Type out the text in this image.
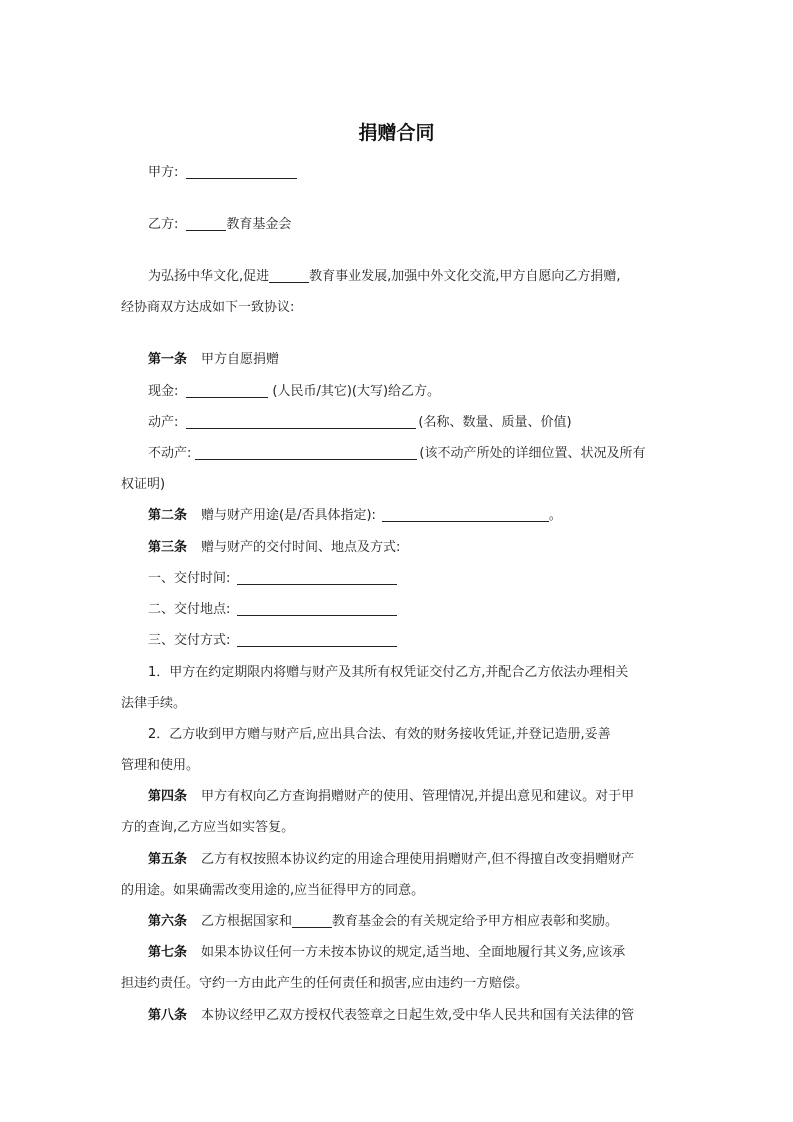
捐赠合同
甲方:
乙方:	教育基金会
为弘扬中华文化,促进	教育事业发展,加强中外文化交流,甲方自愿向乙方捐赠,
经协商双方达成如下一致协议:
第一条 甲方自愿捐赠
现金:	(人民币/其它)(大写)给乙方。
动产:	(名称、数量、质量、价值)
不动产:	(该不动产所处的详细位置、状况及所有
权证明)
第二条 赠与财产用途(是/否具体指定):	。
第三条 赠与财产的交付时间、地点及方式:
一、交付时间:
二、交付地点:
三、交付方式:
1．甲方在约定期限内将赠与财产及其所有权凭证交付乙方,并配合乙方依法办理相关
法律手续。
2．乙方收到甲方赠与财产后,应出具合法、有效的财务接收凭证,并登记造册,妥善
管理和使用。
第四条 甲方有权向乙方查询捐赠财产的使用、管理情况,并提出意见和建议。对于甲
方的查询,乙方应当如实答复。
第五条 乙方有权按照本协议约定的用途合理使用捐赠财产,但不得擅自改变捐赠财产
的用途。如果确需改变用途的,应当征得甲方的同意。
第六条 乙方根据国家和	教育基金会的有关规定给予甲方相应表彰和奖励。
第七条 如果本协议任何一方未按本协议的规定,适当地、全面地履行其义务,应该承
担违约责任。守约一方由此产生的任何责任和损害,应由违约一方赔偿。
第八条 本协议经甲乙双方授权代表签章之日起生效,受中华人民共和国有关法律的管
